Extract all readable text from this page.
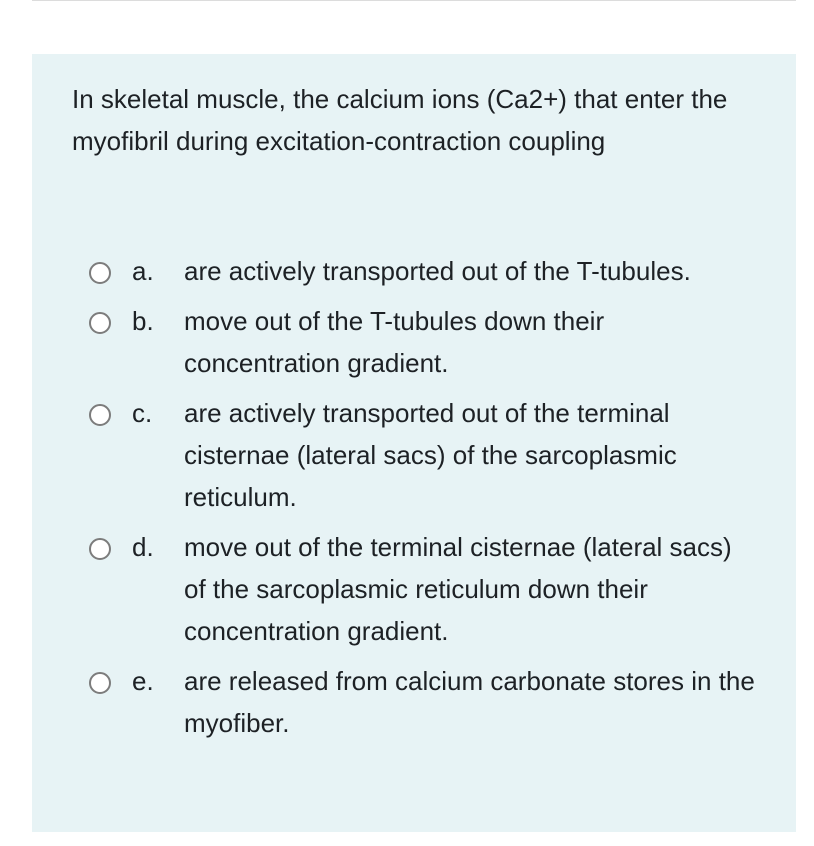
In skeletal muscle, the calcium ions (Ca2+) that enter the myofibril during excitation-contraction coupling

a.	are actively transported out of the T-tubules.
b.	move out of the T-tubules down their concentration gradient.
c.	are actively transported out of the terminal cisternae (lateral sacs) of the sarcoplasmic reticulum.
d.	move out of the terminal cisternae (lateral sacs) of the sarcoplasmic reticulum down their concentration gradient.
e.	are released from calcium carbonate stores in the myofiber.
